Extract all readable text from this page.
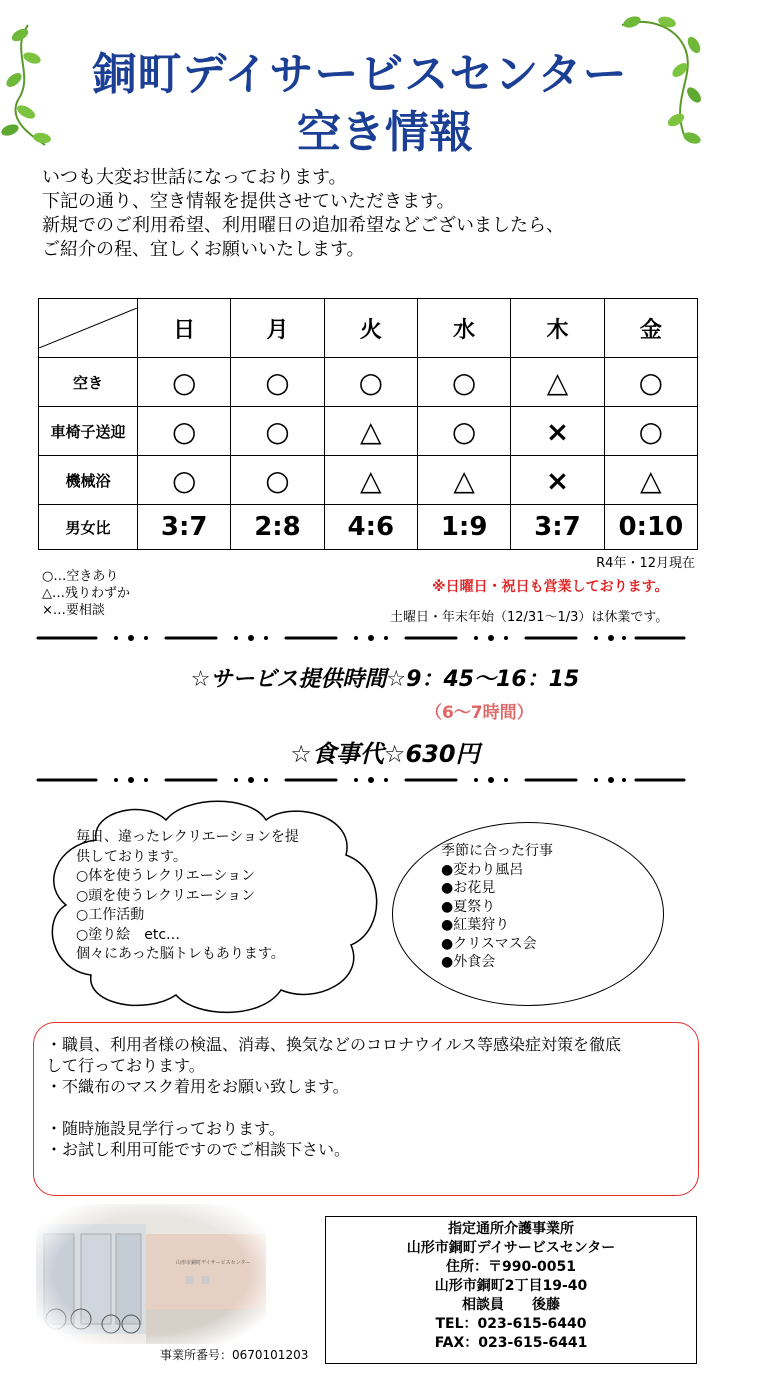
銅町デイサービスセンター
空き情報
いつも大変お世話になっております。
下記の通り、空き情報を提供させていただきます。
新規でのご利用希望、利用曜日の追加希望などございましたら、
ご紹介の程、宜しくお願いいたします。
	日	月	火	水	木	金
空き	○	○	○	○	△	○
車椅子送迎	○	○	△	○	×	○
機械浴	○	○	△	△	×	△
男女比	3:7	2:8	4:6	1:9	3:7	0:10
R4年・12月現在
○…空きあり
△…残りわずか
×…要相談
※日曜日・祝日も営業しております。
土曜日・年末年始（12/31～1/3）は休業です。
☆サービス提供時間☆9：45～16：15
（6～7時間）
☆食事代☆630円
毎日、違ったレクリエーションを提
供しております。
○体を使うレクリエーション
○頭を使うレクリエーション
○工作活動
○塗り絵　etc…
個々にあった脳トレもあります。
季節に合った行事
●変わり風呂
●お花見
●夏祭り
●紅葉狩り
●クリスマス会
●外食会
・職員、利用者様の検温、消毒、換気などのコロナウイルス等感染症対策を徹底
して行っております。
・不織布のマスク着用をお願い致します。
・随時施設見学行っております。
・お試し利用可能ですのでご相談下さい。
事業所番号：0670101203
指定通所介護事業所
山形市銅町デイサービスセンター
住所：〒990-0051
山形市銅町2丁目19-40
相談員　　後藤
TEL：023-615-6440
FAX：023-615-6441
